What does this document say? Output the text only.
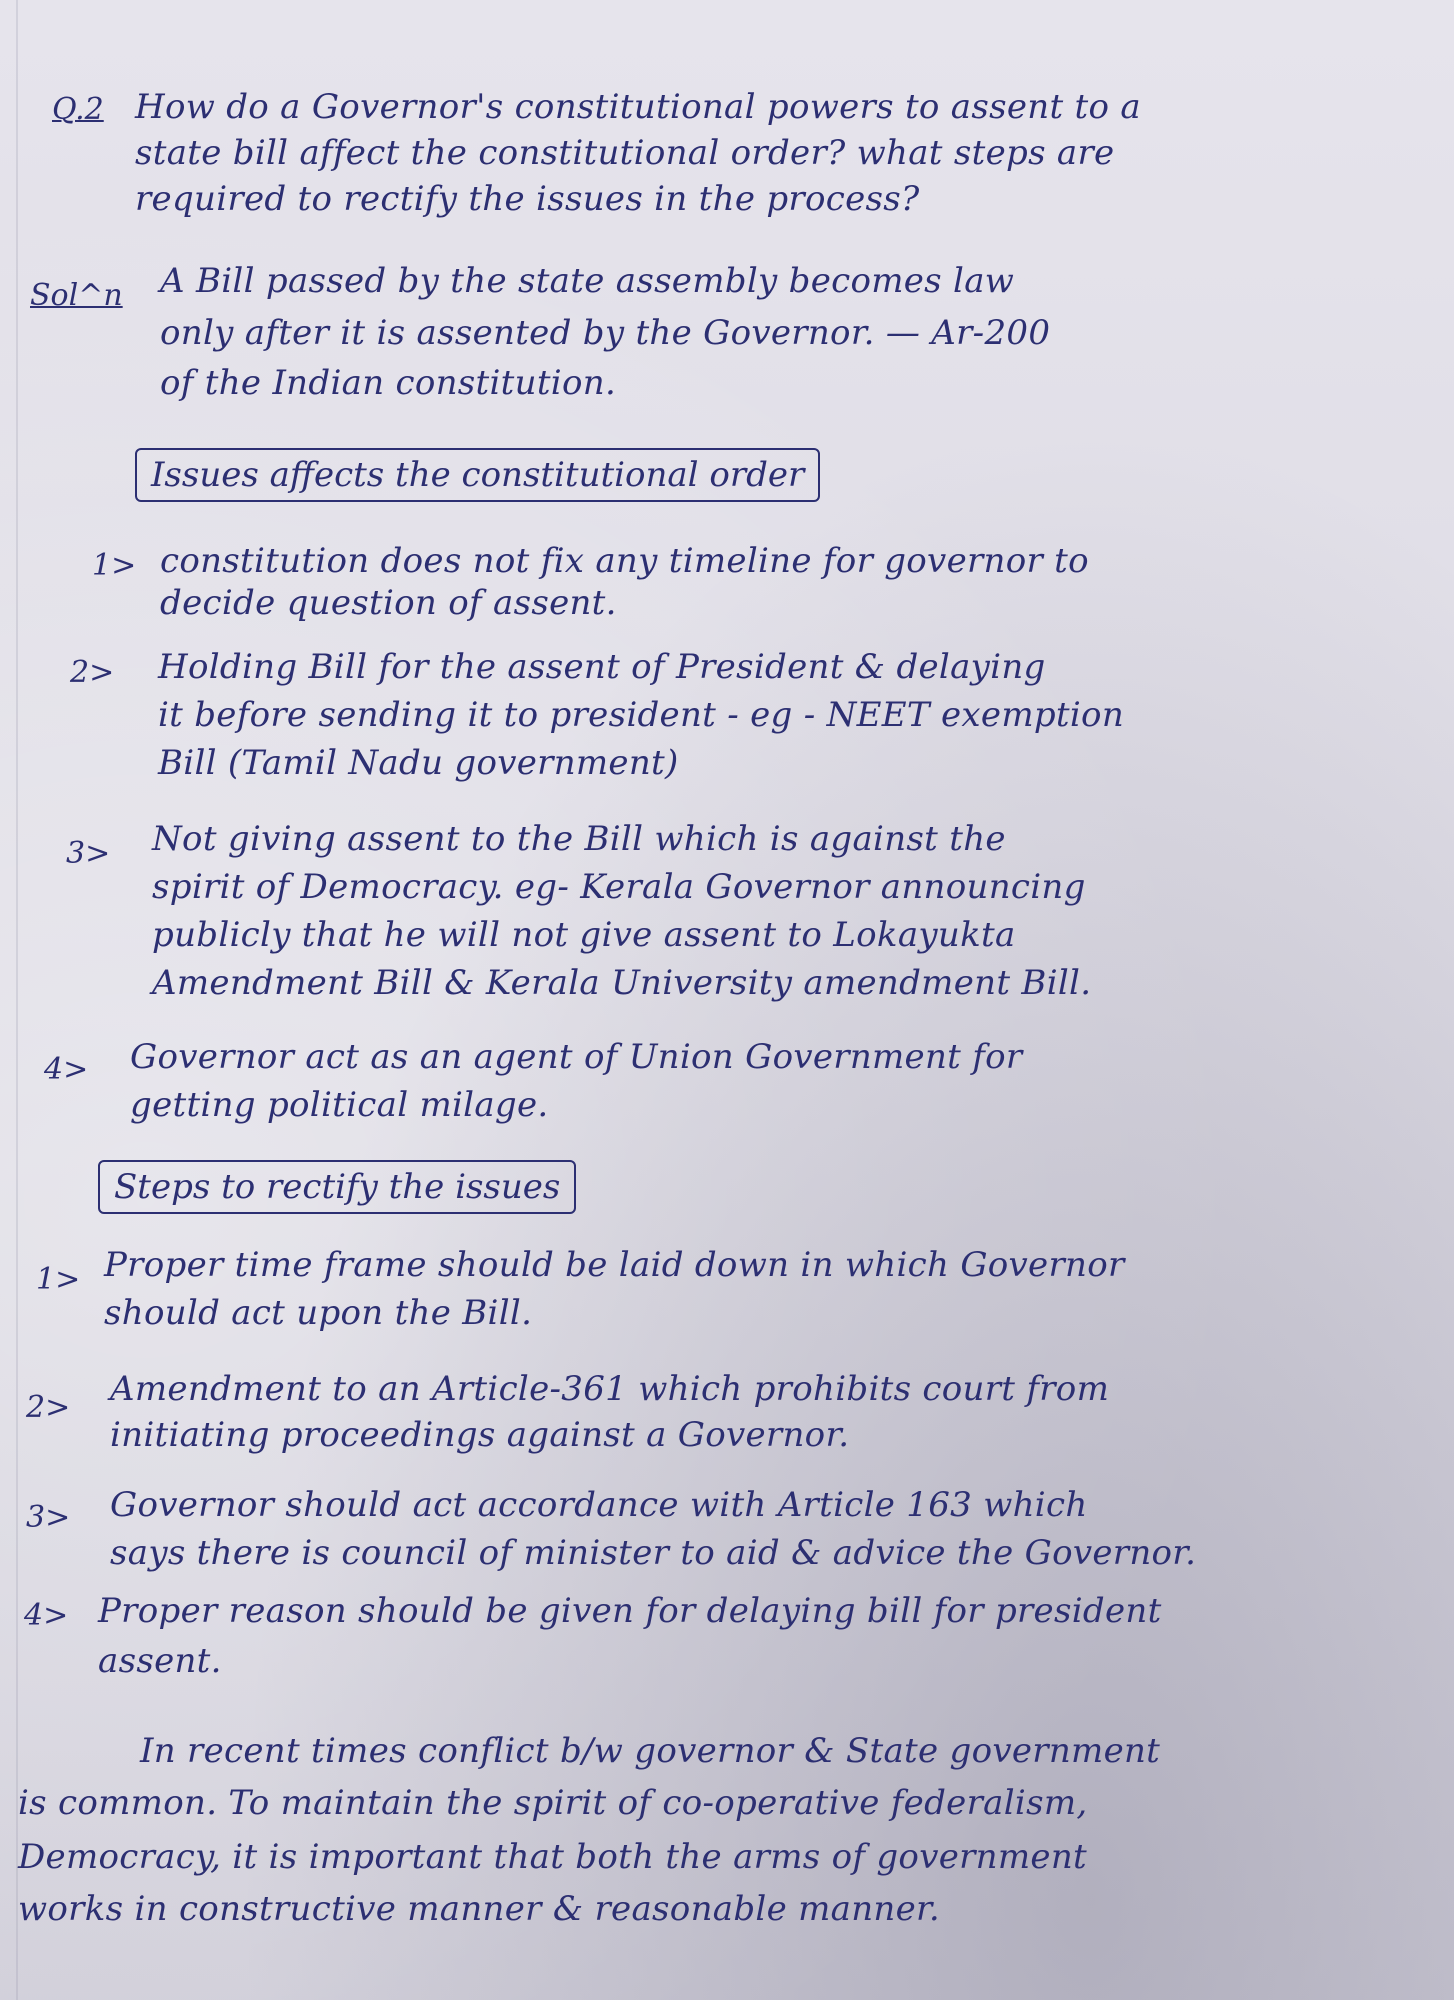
Q.2 How do a Governor's constitutional powers to assent to a
state bill affect the constitutional order? what steps are
required to rectify the issues in the process?
Sol^n A Bill passed by the state assembly becomes law
only after it is assented by the Governor. — Ar-200
of the Indian constitution.
Issues affects the constitutional order
1> constitution does not fix any timeline for governor to
decide question of assent.
2> Holding Bill for the assent of President & delaying
it before sending it to president - eg - NEET exemption
Bill (Tamil Nadu government)
3> Not giving assent to the Bill which is against the
spirit of Democracy. eg- Kerala Governor announcing
publicly that he will not give assent to Lokayukta
Amendment Bill & Kerala University amendment Bill.
4> Governor act as an agent of Union Government for
getting political milage.
Steps to rectify the issues
1> Proper time frame should be laid down in which Governor
should act upon the Bill.
2> Amendment to an Article-361 which prohibits court from
initiating proceedings against a Governor.
3> Governor should act accordance with Article 163 which
says there is council of minister to aid & advice the Governor.
4> Proper reason should be given for delaying bill for president
assent.
In recent times conflict b/w governor & State government
is common. To maintain the spirit of co-operative federalism,
Democracy, it is important that both the arms of government
works in constructive manner & reasonable manner.
